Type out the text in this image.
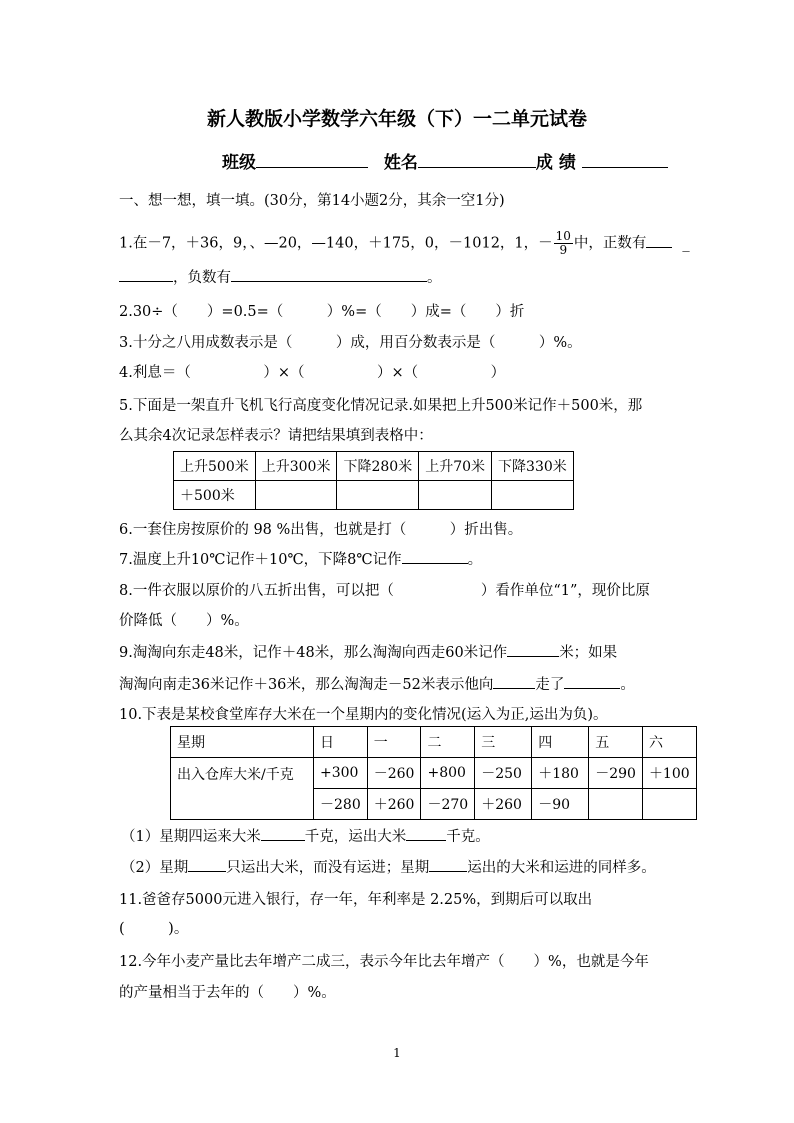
新人教版小学数学六年级（下）一二单元试卷
班级	姓名	成 绩
一、想一想，填一填。(30分，第14小题2分，其余一空1分)
1.在－7，＋36，9，、—20，—140，＋175，0，－1012，1，－ $\frac{10}{9}$ 中，正数有 _
，负数有	。
2.30÷（　　）=0.5=（　　　）%=（　　）成=（　　）折
3.十分之八用成数表示是（　　　）成，用百分数表示是（　　　）%。
4.利息＝（　　　　　）×（　　　　　）×（　　　　　）
5.下面是一架直升飞机飞行高度变化情况记录.如果把上升500米记作＋500米，那
么其余4次记录怎样表示？请把结果填到表格中：
上升500米	上升300米	下降280米	上升70米	下降330米
＋500米				
6.一套住房按原价的 98 %出售，也就是打（　　　）折出售。
7.温度上升10℃记作＋10℃，下降8℃记作	。
8.一件衣服以原价的八五折出售，可以把（　　　　　　）看作单位“1”，现价比原
价降低（　　）%。
9.淘淘向东走48米，记作＋48米，那么淘淘向西走60米记作	米；如果
淘淘向南走36米记作＋36米，那么淘淘走－52米表示他向	走了	。
10.下表是某校食堂库存大米在一个星期内的变化情况(运入为正,运出为负)。
星期	日	一	二	三	四	五	六
出入仓库大米/千克	+300	－260	+800	－250	＋180	－290	＋100
	－280	＋260	－270	＋260	－90		
（1）星期四运来大米	千克，运出大米	千克。
（2）星期	只运出大米，而没有运进；星期	运出的大米和运进的同样多。
11.爸爸存5000元进入银行，存一年，年利率是 2.25%，到期后可以取出
(　　　)。
12.今年小麦产量比去年增产二成三，表示今年比去年增产（　　）%，也就是今年
的产量相当于去年的（　　）%。
1
